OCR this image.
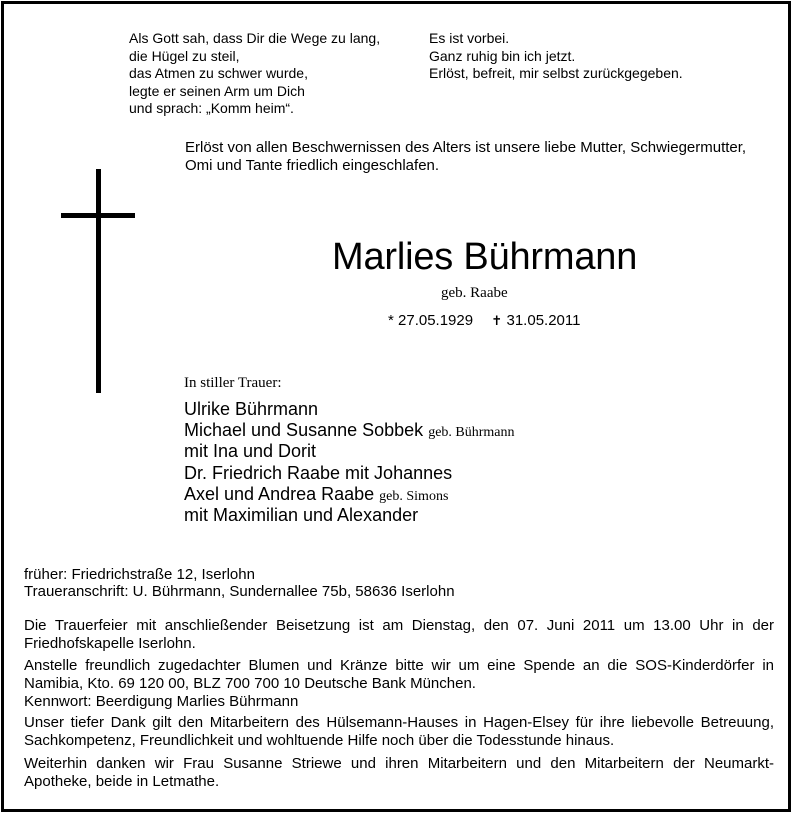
Als Gott sah, dass Dir die Wege zu lang,
die Hügel zu steil,
das Atmen zu schwer wurde,
legte er seinen Arm um Dich
und sprach: „Komm heim“.
Es ist vorbei.
Ganz ruhig bin ich jetzt.
Erlöst, befreit, mir selbst zurückgegeben.
Erlöst von allen Beschwernissen des Alters ist unsere liebe Mutter, Schwiegermutter,
Omi und Tante friedlich eingeschlafen.
Marlies Bührmann
geb. Raabe
* 27.05.1929 ✝ 31.05.2011
In stiller Trauer:
Ulrike Bührmann
Michael und Susanne Sobbek geb. Bührmann
mit Ina und Dorit
Dr. Friedrich Raabe mit Johannes
Axel und Andrea Raabe geb. Simons
mit Maximilian und Alexander
früher: Friedrichstraße 12, Iserlohn
Traueranschrift: U. Bührmann, Sundernallee 75b, 58636 Iserlohn
Die Trauerfeier mit anschließender Beisetzung ist am Dienstag, den 07. Juni 2011 um 13.00 Uhr in der Friedhofskapelle Iserlohn.
Anstelle freundlich zugedachter Blumen und Kränze bitte wir um eine Spende an die SOS-Kinderdörfer in Namibia, Kto. 69 120 00, BLZ 700 700 10 Deutsche Bank München.
Kennwort: Beerdigung Marlies Bührmann
Unser tiefer Dank gilt den Mitarbeitern des Hülsemann-Hauses in Hagen-Elsey für ihre liebevolle Betreuung, Sachkompetenz, Freundlichkeit und wohltuende Hilfe noch über die Todesstunde hinaus.
Weiterhin danken wir Frau Susanne Striewe und ihren Mitarbeitern und den Mitarbeitern der Neumarkt-Apotheke, beide in Letmathe.
